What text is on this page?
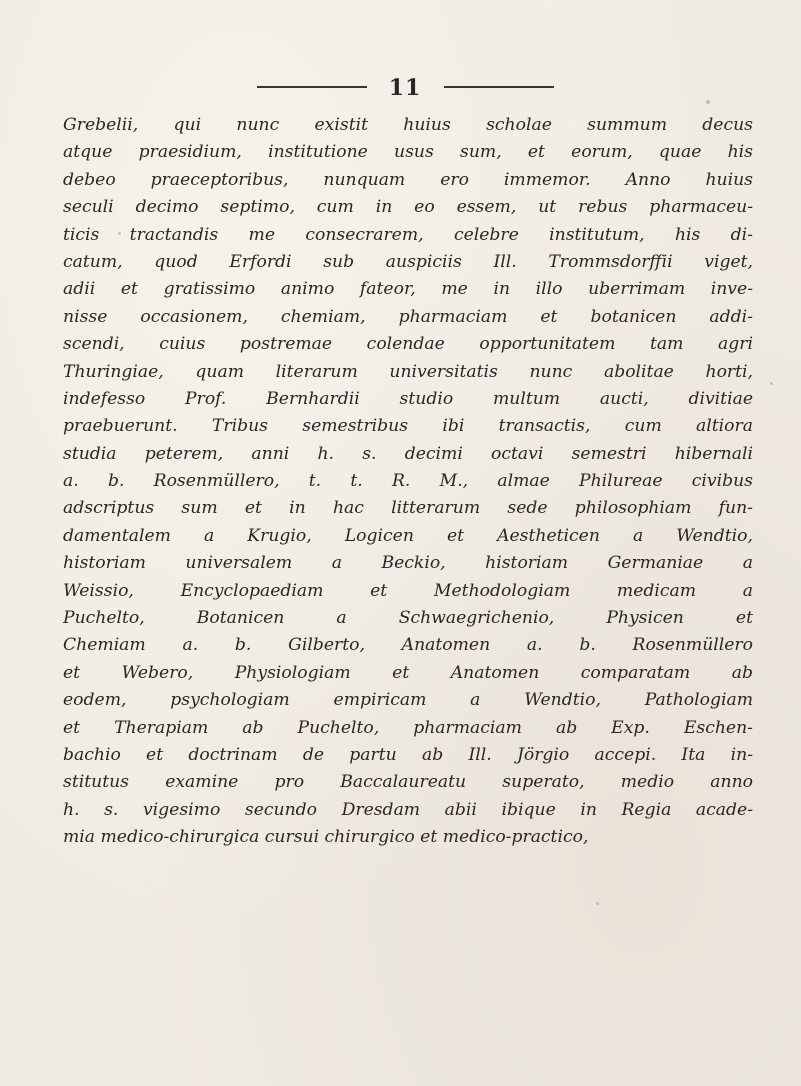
11
Grebelii, qui nunc existit huius scholae summum decus
atque praesidium, institutione usus sum, et eorum, quae his
debeo praeceptoribus, nunquam ero immemor. Anno huius
seculi decimo septimo, cum in eo essem, ut rebus pharmaceu-
ticis tractandis me consecrarem, celebre institutum, his di-
catum, quod Erfordi sub auspiciis Ill. Trommsdorffii viget,
adii et gratissimo animo fateor, me in illo uberrimam inve-
nisse occasionem, chemiam, pharmaciam et botanicen addi-
scendi, cuius postremae colendae opportunitatem tam agri
Thuringiae, quam literarum universitatis nunc abolitae horti,
indefesso Prof. Bernhardii studio multum aucti, divitiae
praebuerunt. Tribus semestribus ibi transactis, cum altiora
studia peterem, anni h. s. decimi octavi semestri hibernali
a. b. Rosenmüllero, t. t. R. M., almae Philureae civibus
adscriptus sum et in hac litterarum sede philosophiam fun-
damentalem a Krugio, Logicen et Aestheticen a Wendtio,
historiam universalem a Beckio, historiam Germaniae a
Weissio, Encyclopaediam et Methodologiam medicam a
Puchelto, Botanicen a Schwaegrichenio, Physicen et
Chemiam a. b. Gilberto, Anatomen a. b. Rosenmüllero
et Webero, Physiologiam et Anatomen comparatam ab
eodem, psychologiam empiricam a Wendtio, Pathologiam
et Therapiam ab Puchelto, pharmaciam ab Exp. Eschen-
bachio et doctrinam de partu ab Ill. Jörgio accepi. Ita in-
stitutus examine pro Baccalaureatu superato, medio anno
h. s. vigesimo secundo Dresdam abii ibique in Regia acade-
mia medico-chirurgica cursui chirurgico et medico-practico,
